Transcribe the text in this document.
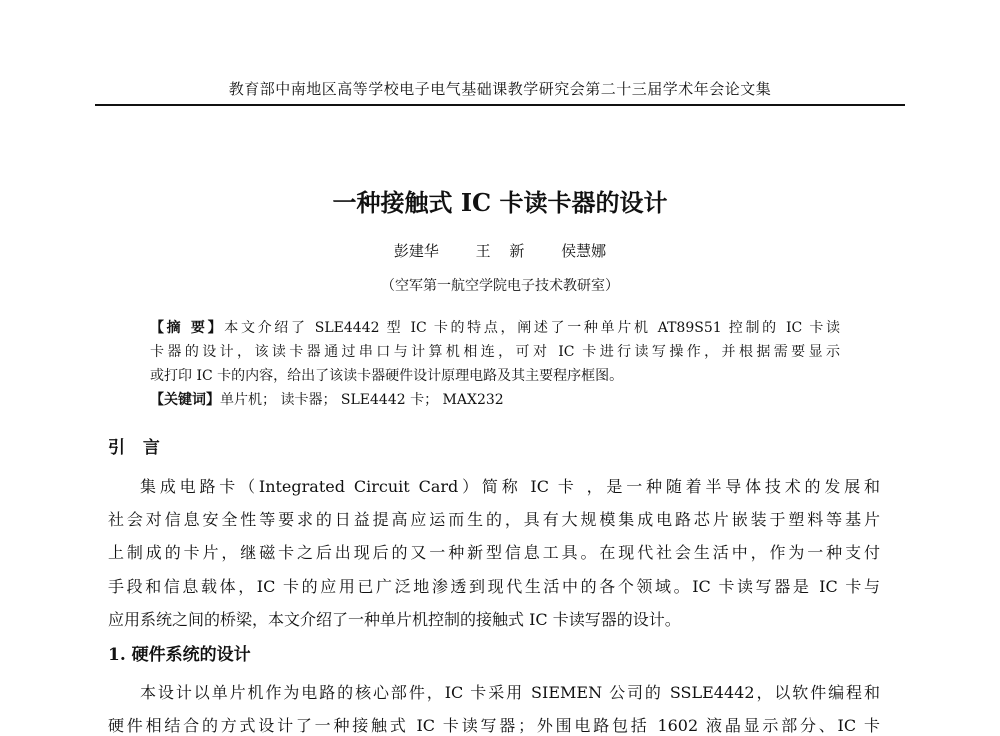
教育部中南地区高等学校电子电气基础课教学研究会第二十三届学术年会论文集
一种接触式 IC 卡读卡器的设计
彭建华 王 新 侯慧娜
（空军第一航空学院电子技术教研室）
【摘 要】本文介绍了 SLE4442 型 IC 卡的特点，阐述了一种单片机 AT89S51 控制的 IC 卡读
卡器的设计，该读卡器通过串口与计算机相连，可对 IC 卡进行读写操作，并根据需要显示
或打印 IC 卡的内容，给出了该读卡器硬件设计原理电路及其主要程序框图。
【关键词】单片机； 读卡器； SLE4442 卡； MAX232
引 言
集成电路卡（Integrated Circuit Card）简称 IC 卡 ，是一种随着半导体技术的发展和
社会对信息安全性等要求的日益提高应运而生的，具有大规模集成电路芯片嵌装于塑料等基片
上制成的卡片，继磁卡之后出现后的又一种新型信息工具。在现代社会生活中，作为一种支付
手段和信息载体，IC 卡的应用已广泛地渗透到现代生活中的各个领域。IC 卡读写器是 IC 卡与
应用系统之间的桥梁，本文介绍了一种单片机控制的接触式 IC 卡读写器的设计。
1. 硬件系统的设计
本设计以单片机作为电路的核心部件，IC 卡采用 SIEMEN 公司的 SSLE4442，以软件编程和
硬件相结合的方式设计了一种接触式 IC 卡读写器；外围电路包括 1602 液晶显示部分、IC 卡
